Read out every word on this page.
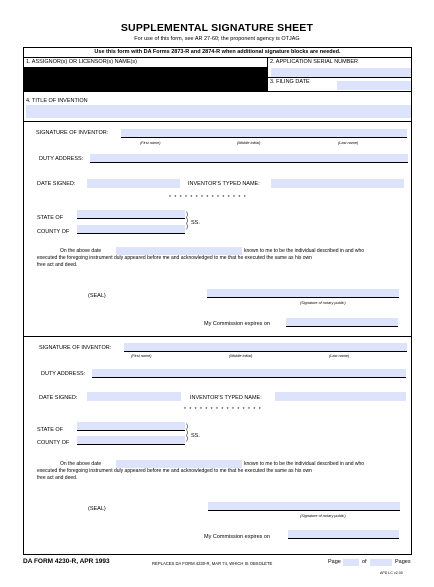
SUPPLEMENTAL SIGNATURE SHEET
For use of this form, see AR 27-60; the proponent agency is OTJAG
Use this form with DA Forms 2873-R and 2874-R when additional signature blocks are needed.
1. ASSIGNOR(s) OR LICENSOR(s) NAME(s)	2. APPLICATION SERIAL NUMBER
3. FILING DATE
4. TITLE OF INVENTION
SIGNATURE OF INVENTOR:
(First name)	(Middle initial)	(Last name)
DUTY ADDRESS:
DATE SIGNED:	INVENTOR'S TYPED NAME:
* * * * * * * * * * * * * * *
STATE OF
COUNTY OF
)
)
)
SS.
On the above date	known to me to be the individual described in and who
executed the foregoing instrument duly appeared before me and acknowledged to me that he executed the same as his own
free act and deed.
(SEAL)
(Signature of notary public)
My Commission expires on
SIGNATURE OF INVENTOR:
(First name)	(Middle initial)	(Last name)
DUTY ADDRESS:
DATE SIGNED:	INVENTOR'S TYPED NAME:
* * * * * * * * * * * * * * *
STATE OF
COUNTY OF
)
)
) SS.
On the above date	known to me to be the individual described in and who
executed the foregoing instrument duly appeared before me and acknowledged to me that he executed the same as his own
free act and deed.
(SEAL)
(Signature of notary public)
My Commission expires on
DA FORM 4230-R, APR 1993	REPLACES DA FORM 4230-R, MAR 74, WHICH IS OBSOLETE	Page	of	Pages
APD LC v2.00
